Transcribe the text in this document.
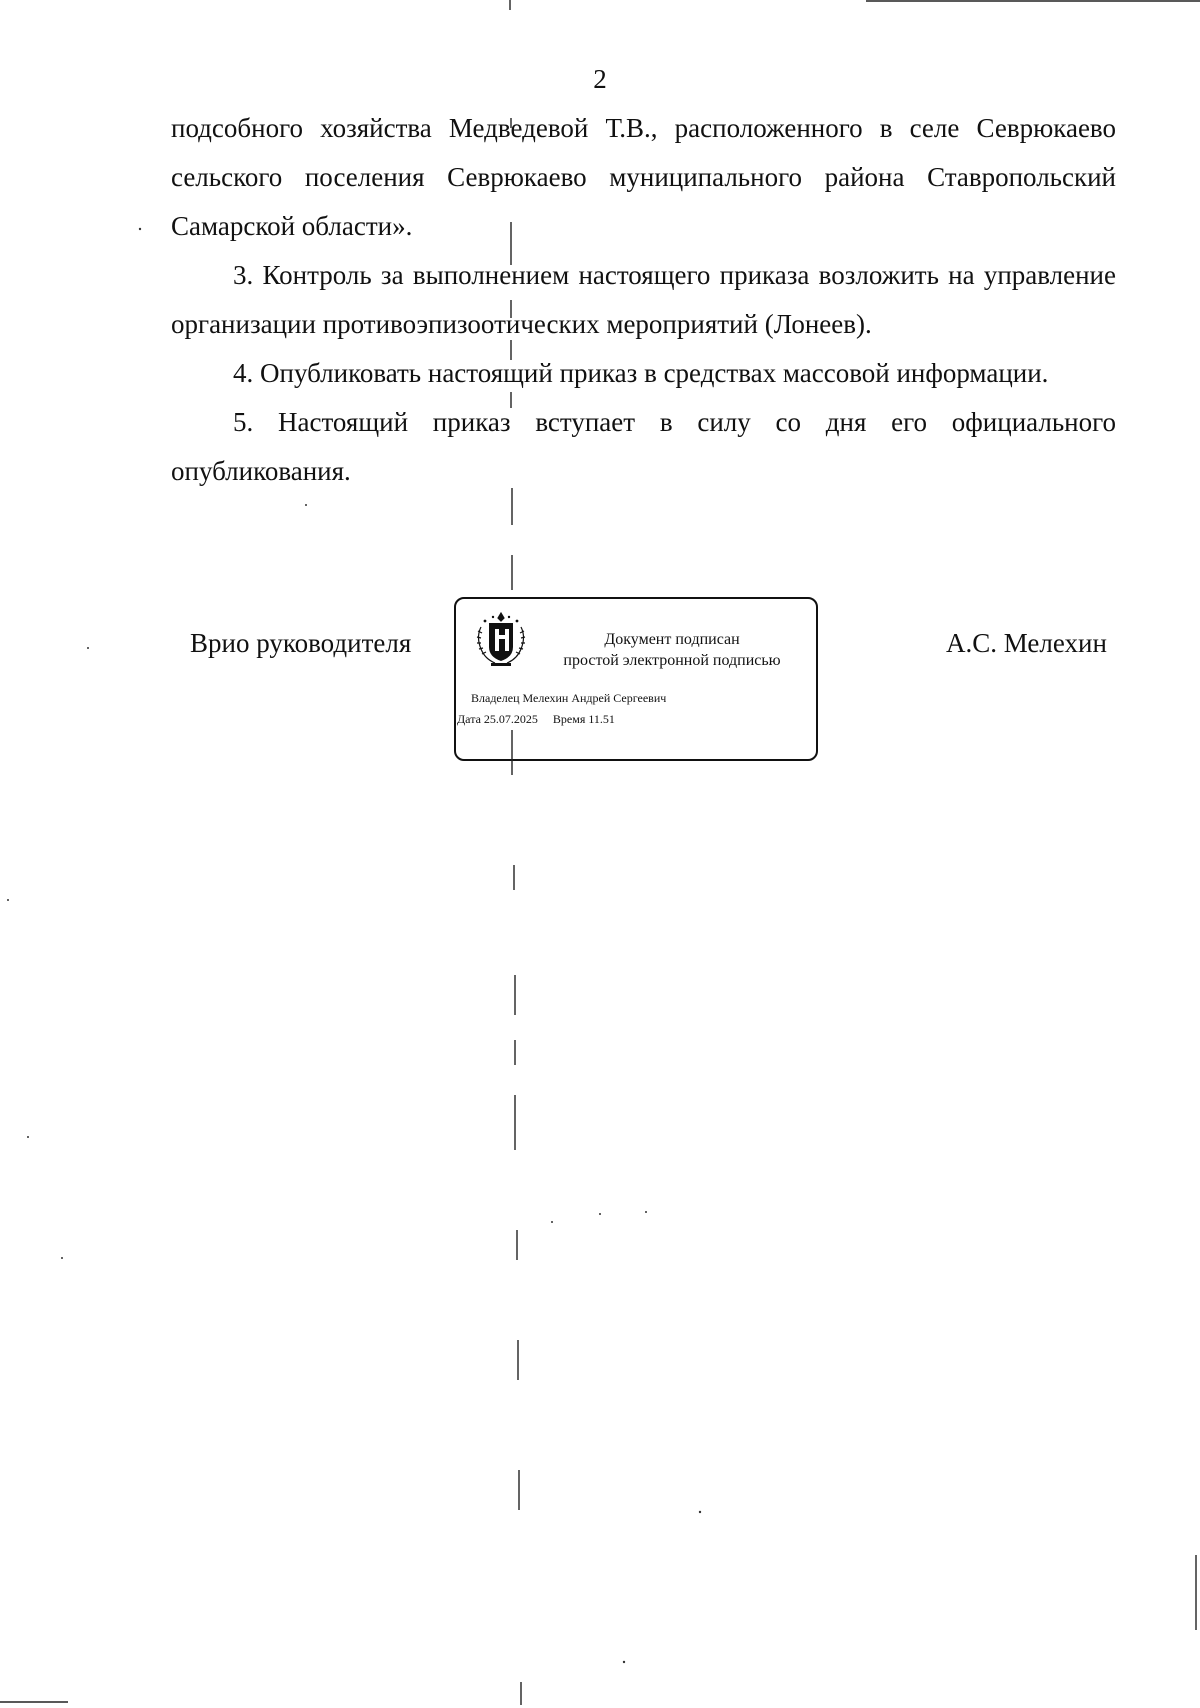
2

подсобного хозяйства Медведевой Т.В., расположенного в селе Севрюкаево сельского поселения Севрюкаево муниципального района Ставропольский Самарской области».

3. Контроль за выполнением настоящего приказа возложить на управление организации противоэпизоотических мероприятий (Лонеев).

4. Опубликовать настоящий приказ в средствах массовой информации.

5. Настоящий приказ вступает в силу со дня его официального опубликования.

Врио руководителя	Документ подписан
простой электронной подписью
Владелец Мелехин Андрей Сергеевич
Дата 25.07.2025 Время 11.51
А.С. Мелехин
